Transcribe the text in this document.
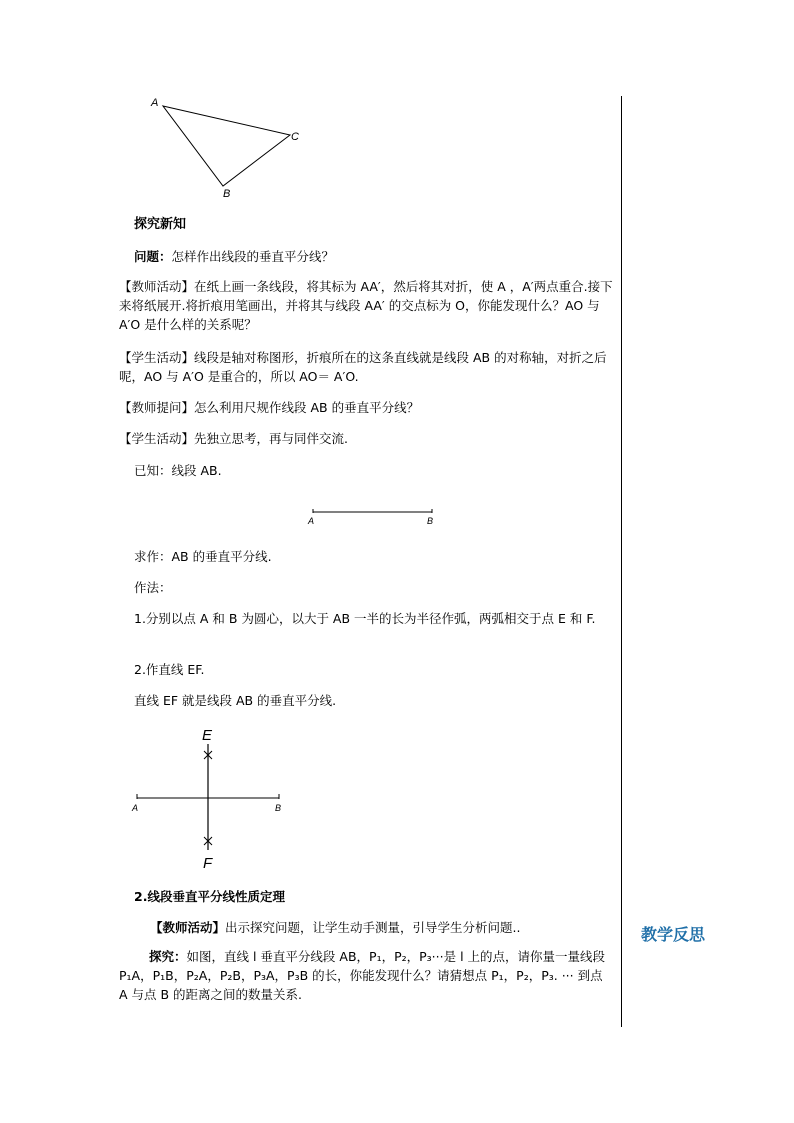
A
C
B
探究新知
问题：怎样作出线段的垂直平分线？
【教师活动】在纸上画一条线段，将其标为 AA′，然后将其对折，使 A ，A′两点重合.接下来将纸展开.将折痕用笔画出，并将其与线段 AA′ 的交点标为 O，你能发现什么？AO 与 A′O 是什么样的关系呢？
【学生活动】线段是轴对称图形，折痕所在的这条直线就是线段 AB 的对称轴，对折之后呢，AO 与 A′O 是重合的，所以 AO＝ A′O.
【教师提问】怎么利用尺规作线段 AB 的垂直平分线？
【学生活动】先独立思考，再与同伴交流.
已知：线段 AB.
A	B
求作：AB 的垂直平分线.
作法：
1.分别以点 A 和 B 为圆心，以大于 AB 一半的长为半径作弧，两弧相交于点 E 和 F.
2.作直线 EF.
直线 EF 就是线段 AB 的垂直平分线.
E
F
A	B
2.线段垂直平分线性质定理
【教师活动】出示探究问题，让学生动手测量，引导学生分析问题..
探究：如图，直线 l 垂直平分线段 AB，P₁，P₂，P₃···是 l 上的点，请你量一量线段 P₁A，P₁B，P₂A，P₂B，P₃A，P₃B 的长，你能发现什么？请猜想点 P₁，P₂，P₃. ··· 到点 A 与点 B 的距离之间的数量关系.
教学反思
